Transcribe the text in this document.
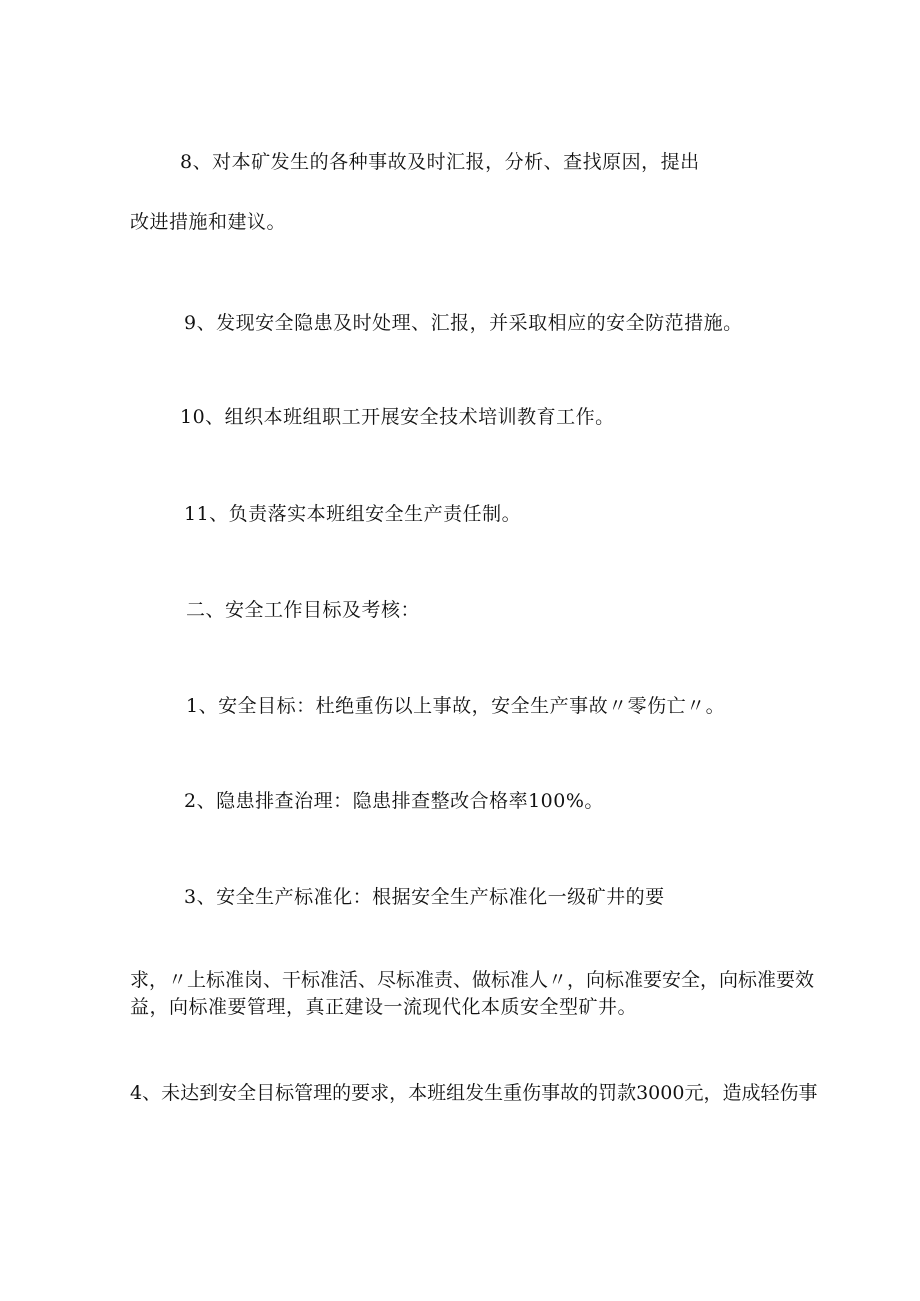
8、对本矿发生的各种事故及时汇报，分析、查找原因，提出
改进措施和建议。
9、发现安全隐患及时处理、汇报，并采取相应的安全防范措施。
10、组织本班组职工开展安全技术培训教育工作。
11、负责落实本班组安全生产责任制。
二、安全工作目标及考核：
1、安全目标：杜绝重伤以上事故，安全生产事故〃零伤亡〃。
2、隐患排查治理：隐患排查整改合格率100%。
3、安全生产标准化：根据安全生产标准化一级矿井的要
求，〃上标准岗、干标准活、尽标准责、做标准人〃，向标准要安全，向标准要效
益，向标准要管理，真正建设一流现代化本质安全型矿井。
4、未达到安全目标管理的要求，本班组发生重伤事故的罚款3000元，造成轻伤事
